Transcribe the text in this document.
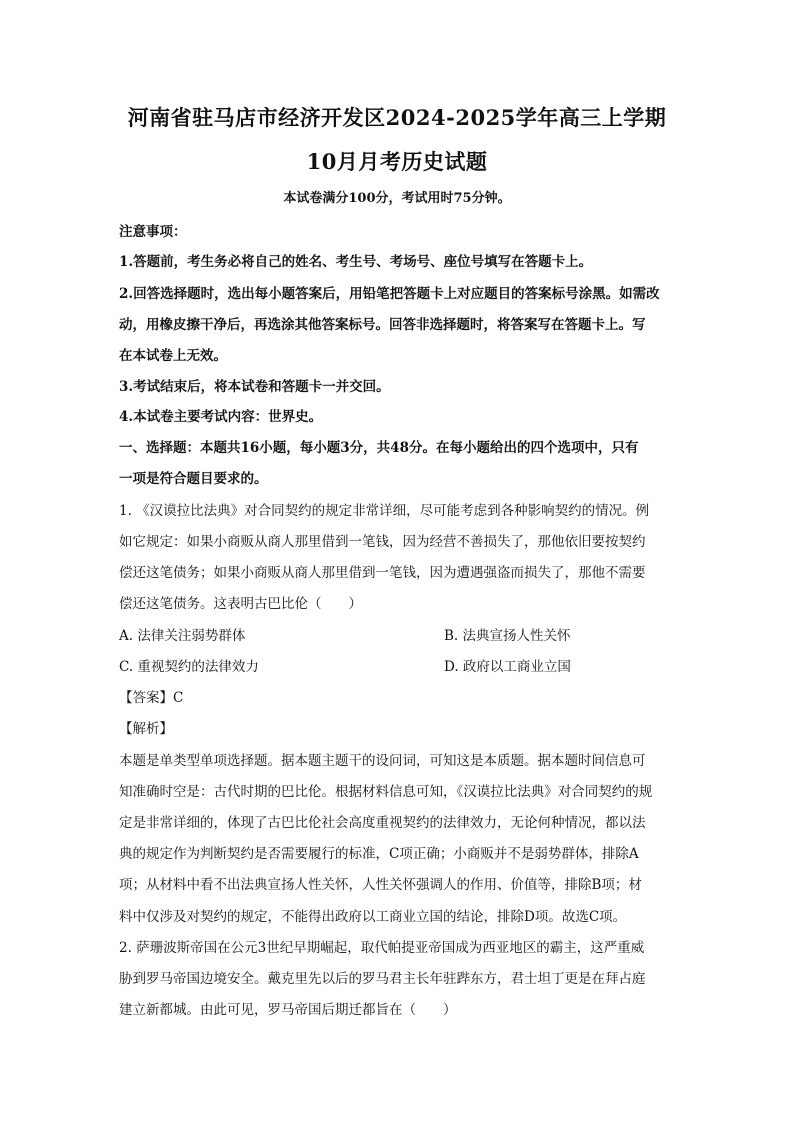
河南省驻马店市经济开发区2024-2025学年高三上学期
10月月考历史试题
本试卷满分100分，考试用时75分钟。
注意事项：
1.答题前，考生务必将自己的姓名、考生号、考场号、座位号填写在答题卡上。
2.回答选择题时，选出每小题答案后，用铅笔把答题卡上对应题目的答案标号涂黑。如需改
动，用橡皮擦干净后，再选涂其他答案标号。回答非选择题时，将答案写在答题卡上。写
在本试卷上无效。
3.考试结束后，将本试卷和答题卡一并交回。
4.本试卷主要考试内容：世界史。
一、选择题：本题共16小题，每小题3分，共48分。在每小题给出的四个选项中，只有
一项是符合题目要求的。
1. 《汉谟拉比法典》对合同契约的规定非常详细，尽可能考虑到各种影响契约的情况。例
如它规定：如果小商贩从商人那里借到一笔钱，因为经营不善损失了，那他依旧要按契约
偿还这笔债务；如果小商贩从商人那里借到一笔钱，因为遭遇强盗而损失了，那他不需要
偿还这笔债务。这表明古巴比伦（　　）
A. 法律关注弱势群体	B. 法典宣扬人性关怀
C. 重视契约的法律效力	D. 政府以工商业立国
【答案】C
【解析】
本题是单类型单项选择题。据本题主题干的设问词，可知这是本质题。据本题时间信息可
知准确时空是：古代时期的巴比伦。根据材料信息可知，《汉谟拉比法典》对合同契约的规
定是非常详细的，体现了古巴比伦社会高度重视契约的法律效力，无论何种情况，都以法
典的规定作为判断契约是否需要履行的标准，C项正确；小商贩并不是弱势群体，排除A
项；从材料中看不出法典宣扬人性关怀，人性关怀强调人的作用、价值等，排除B项；材
料中仅涉及对契约的规定，不能得出政府以工商业立国的结论，排除D项。故选C项。
2. 萨珊波斯帝国在公元3世纪早期崛起，取代帕提亚帝国成为西亚地区的霸主，这严重威
胁到罗马帝国边境安全。戴克里先以后的罗马君主长年驻跸东方，君士坦丁更是在拜占庭
建立新都城。由此可见，罗马帝国后期迁都旨在（　　）
